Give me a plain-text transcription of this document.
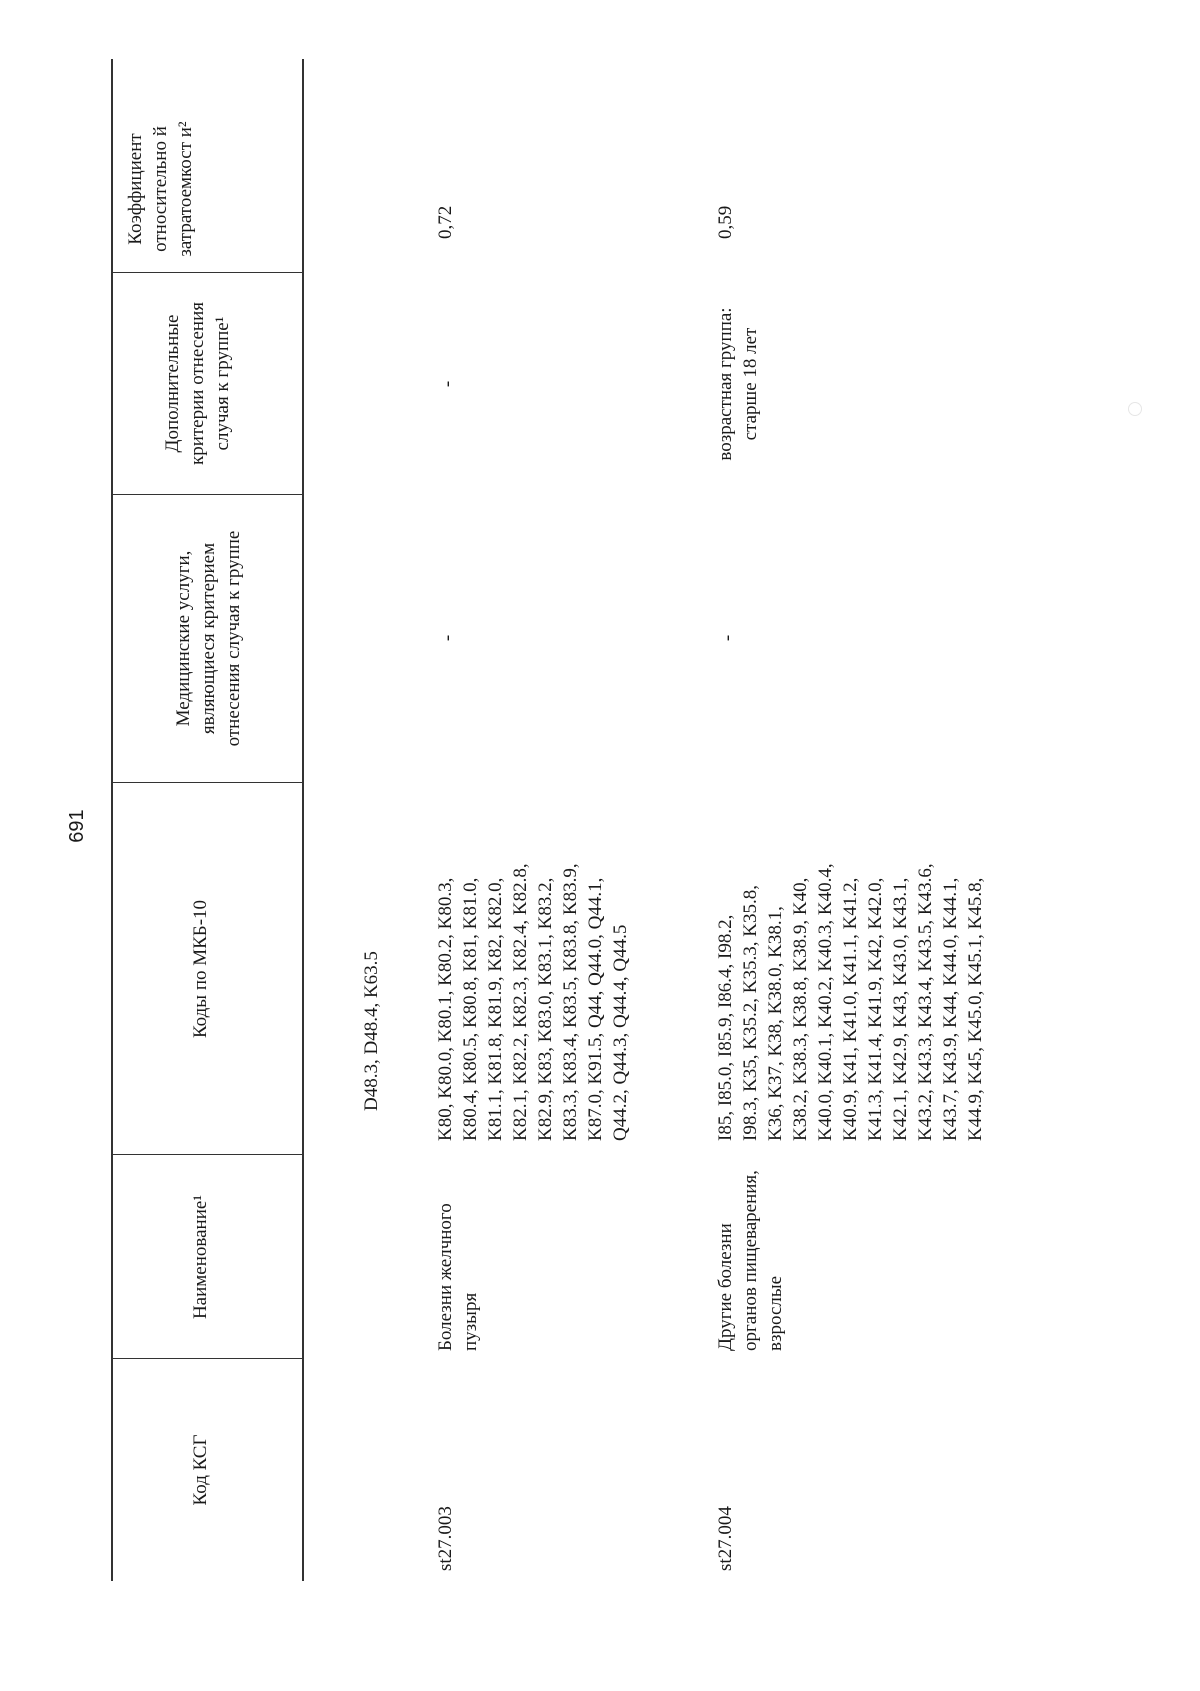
691
Код КСГ
Наименование¹
Коды по МКБ-10
Медицинские услуги, являющиеся критерием отнесения случая к группе
Дополнительные критерии отнесения случая к группе¹
Коэффициент относительно й затратоемкост и²
D48.3, D48.4, K63.5
st27.003
Болезни желчного пузыря
K80, K80.0, K80.1, K80.2, K80.3, K80.4, K80.5, K80.8, K81, K81.0, K81.1, K81.8, K81.9, K82, K82.0, K82.1, K82.2, K82.3, K82.4, K82.8, K82.9, K83, K83.0, K83.1, K83.2, K83.3, K83.4, K83.5, K83.8, K83.9, K87.0, K91.5, Q44, Q44.0, Q44.1, Q44.2, Q44.3, Q44.4, Q44.5
-
-
0,72
st27.004
Другие болезни органов пищеварения, взрослые
I85, I85.0, I85.9, I86.4, I98.2, I98.3, K35, K35.2, K35.3, K35.8, K36, K37, K38, K38.0, K38.1, K38.2, K38.3, K38.8, K38.9, K40, K40.0, K40.1, K40.2, K40.3, K40.4, K40.9, K41, K41.0, K41.1, K41.2, K41.3, K41.4, K41.9, K42, K42.0, K42.1, K42.9, K43, K43.0, K43.1, K43.2, K43.3, K43.4, K43.5, K43.6, K43.7, K43.9, K44, K44.0, K44.1, K44.9, K45, K45.0, K45.1, K45.8,
-
возрастная группа: старше 18 лет
0,59
